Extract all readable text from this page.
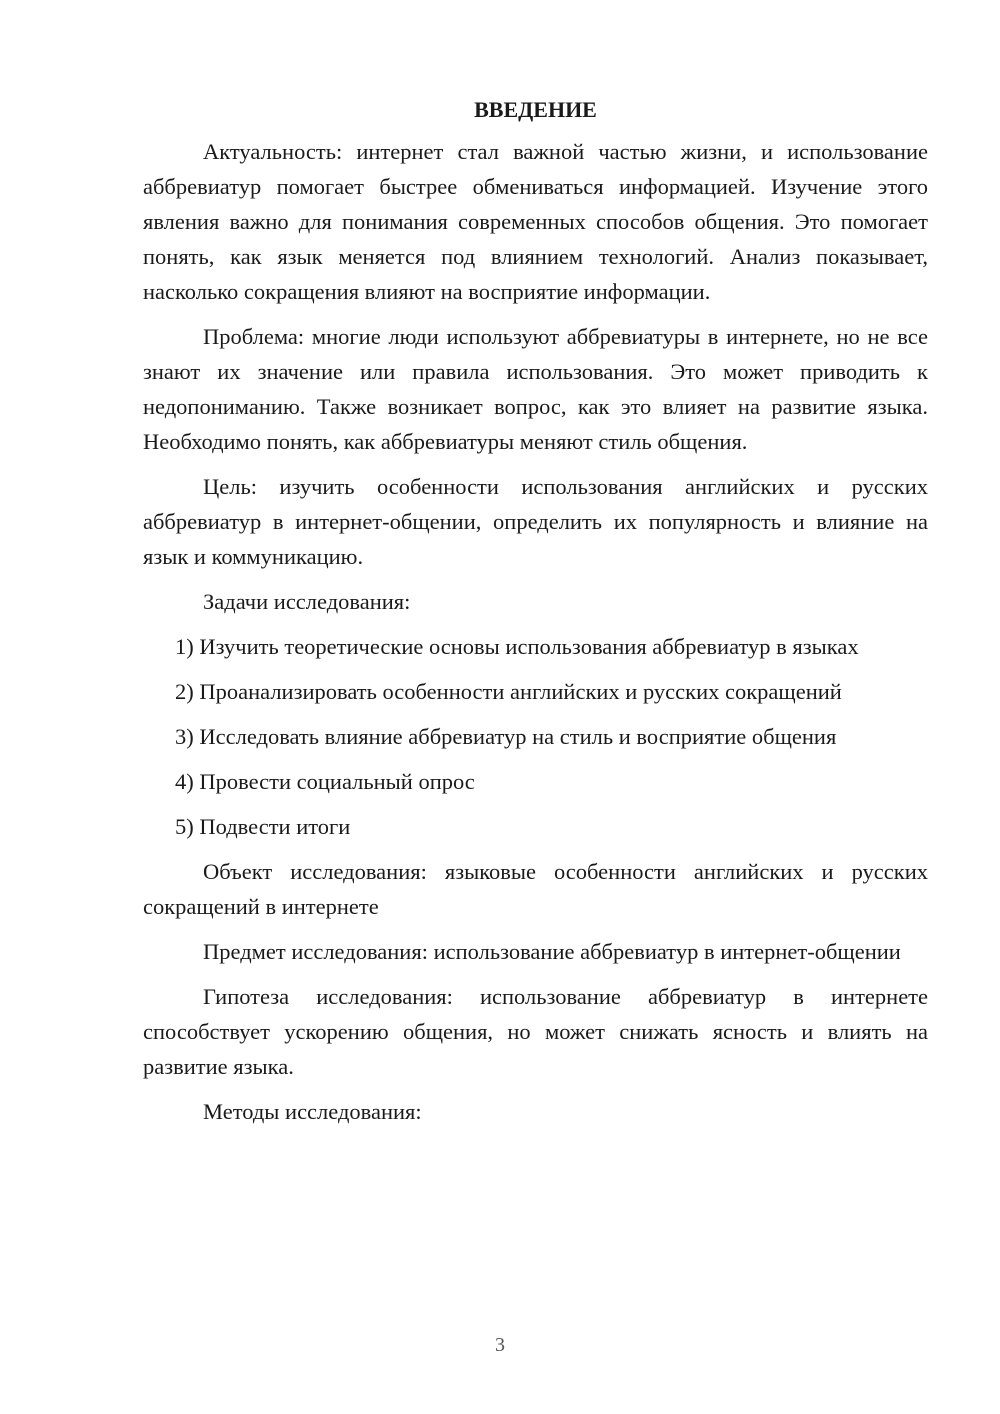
ВВЕДЕНИЕ

Актуальность: интернет стал важной частью жизни, и использование аббревиатур помогает быстрее обмениваться информацией. Изучение этого явления важно для понимания современных способов общения. Это помогает понять, как язык меняется под влиянием технологий. Анализ показывает, насколько сокращения влияют на восприятие информации.

Проблема: многие люди используют аббревиатуры в интернете, но не все знают их значение или правила использования. Это может приводить к недопониманию. Также возникает вопрос, как это влияет на развитие языка. Необходимо понять, как аббревиатуры меняют стиль общения.

Цель: изучить особенности использования английских и русских аббревиатур в интернет-общении, определить их популярность и влияние на язык и коммуникацию.

Задачи исследования:

1) Изучить теоретические основы использования аббревиатур в языках

2) Проанализировать особенности английских и русских сокращений

3) Исследовать влияние аббревиатур на стиль и восприятие общения

4) Провести социальный опрос

5) Подвести итоги

Объект исследования: языковые особенности английских и русских сокращений в интернете

Предмет исследования: использование аббревиатур в интернет-общении

Гипотеза исследования: использование аббревиатур в интернете способствует ускорению общения, но может снижать ясность и влиять на развитие языка.

Методы исследования:

3
